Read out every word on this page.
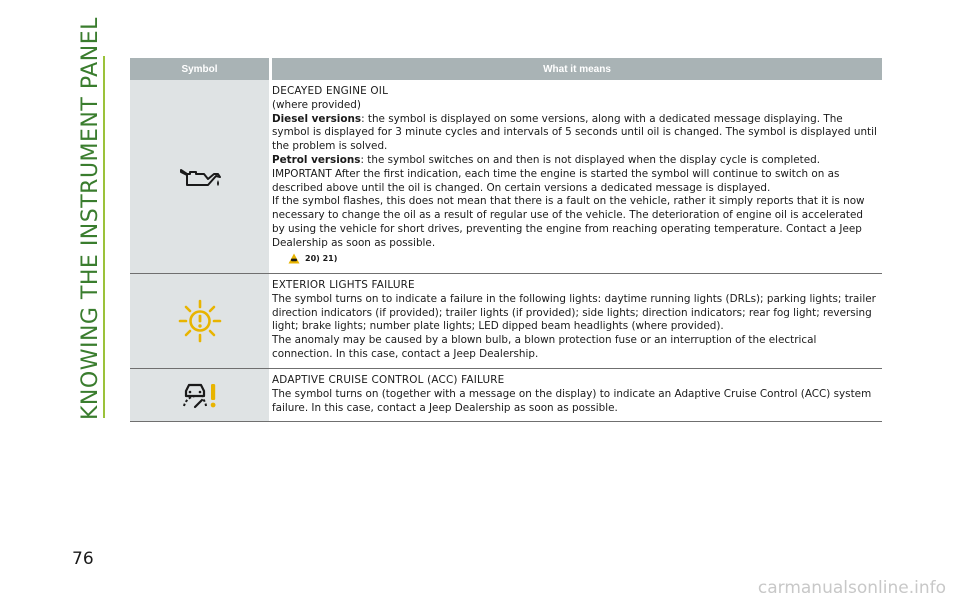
KNOWING THE INSTRUMENT PANEL	Symbol	What it means

DECAYED ENGINE OIL

(where provided)

Diesel versions: the symbol is displayed on some versions, along with a dedicated message displaying. The symbol is displayed for 3 minute cycles and intervals of 5 seconds until oil is changed. The symbol is displayed until the problem is solved.

Petrol versions: the symbol switches on and then is not displayed when the display cycle is completed.

IMPORTANT After the first indication, each time the engine is started the symbol will continue to switch on as described above until the oil is changed. On certain versions a dedicated message is displayed.

If the symbol flashes, this does not mean that there is a fault on the vehicle, rather it simply reports that it is now necessary to change the oil as a result of regular use of the vehicle. The deterioration of engine oil is accelerated by using the vehicle for short drives, preventing the engine from reaching operating temperature. Contact a Jeep Dealership as soon as possible.

20) 21)

EXTERIOR LIGHTS FAILURE

The symbol turns on to indicate a failure in the following lights: daytime running lights (DRLs); parking lights; trailer direction indicators (if provided); trailer lights (if provided); side lights; direction indicators; rear fog light; reversing light; brake lights; number plate lights; LED dipped beam headlights (where provided).

The anomaly may be caused by a blown bulb, a blown protection fuse or an interruption of the electrical connection. In this case, contact a Jeep Dealership.

ADAPTIVE CRUISE CONTROL (ACC) FAILURE

The symbol turns on (together with a message on the display) to indicate an Adaptive Cruise Control (ACC) system failure. In this case, contact a Jeep Dealership as soon as possible.

76
carmanualsonline.info
